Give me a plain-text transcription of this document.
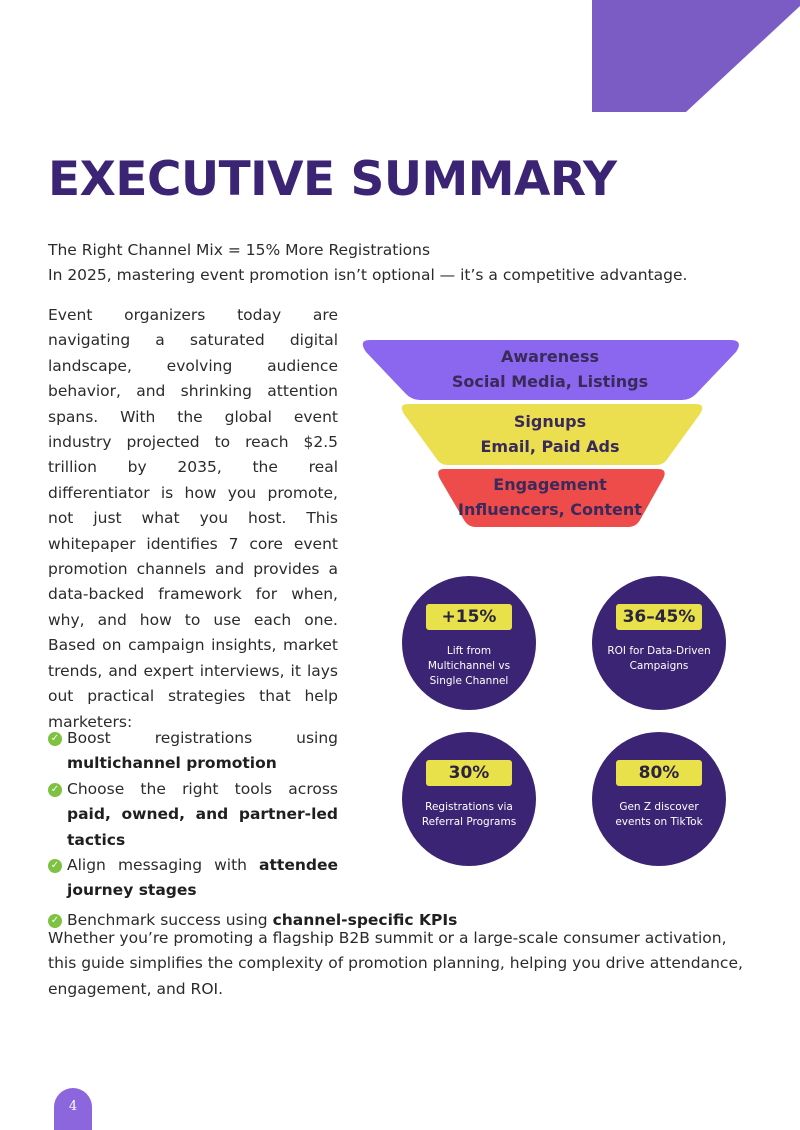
EXECUTIVE SUMMARY
The Right Channel Mix = 15% More Registrations
In 2025, mastering event promotion isn’t optional — it’s a competitive advantage.
Event organizers today are navigating a saturated digital landscape, evolving audience behavior, and shrinking attention spans. With the global event industry projected to reach $2.5 trillion by 2035, the real differentiator is how you promote, not just what you host. This whitepaper identifies 7 core event promotion channels and provides a data-backed framework for when, why, and how to use each one. Based on campaign insights, market trends, and expert interviews, it lays out practical strategies that help marketers:
✓ Boost registrations using multichannel promotion
✓ Choose the right tools across paid, owned, and partner-led tactics
✓ Align messaging with attendee journey stages
✓ Benchmark success using channel-specific KPIs
Whether you’re promoting a flagship B2B summit or a large-scale consumer activation, this guide simplifies the complexity of promotion planning, helping you drive attendance, engagement, and ROI.
Awareness
Social Media, Listings
Signups
Email, Paid Ads
Engagement
Influencers, Content
+15%
Lift from Multichannel vs Single Channel
36–45%
ROI for Data-Driven Campaigns
30%
Registrations via Referral Programs
80%
Gen Z discover events on TikTok
4
